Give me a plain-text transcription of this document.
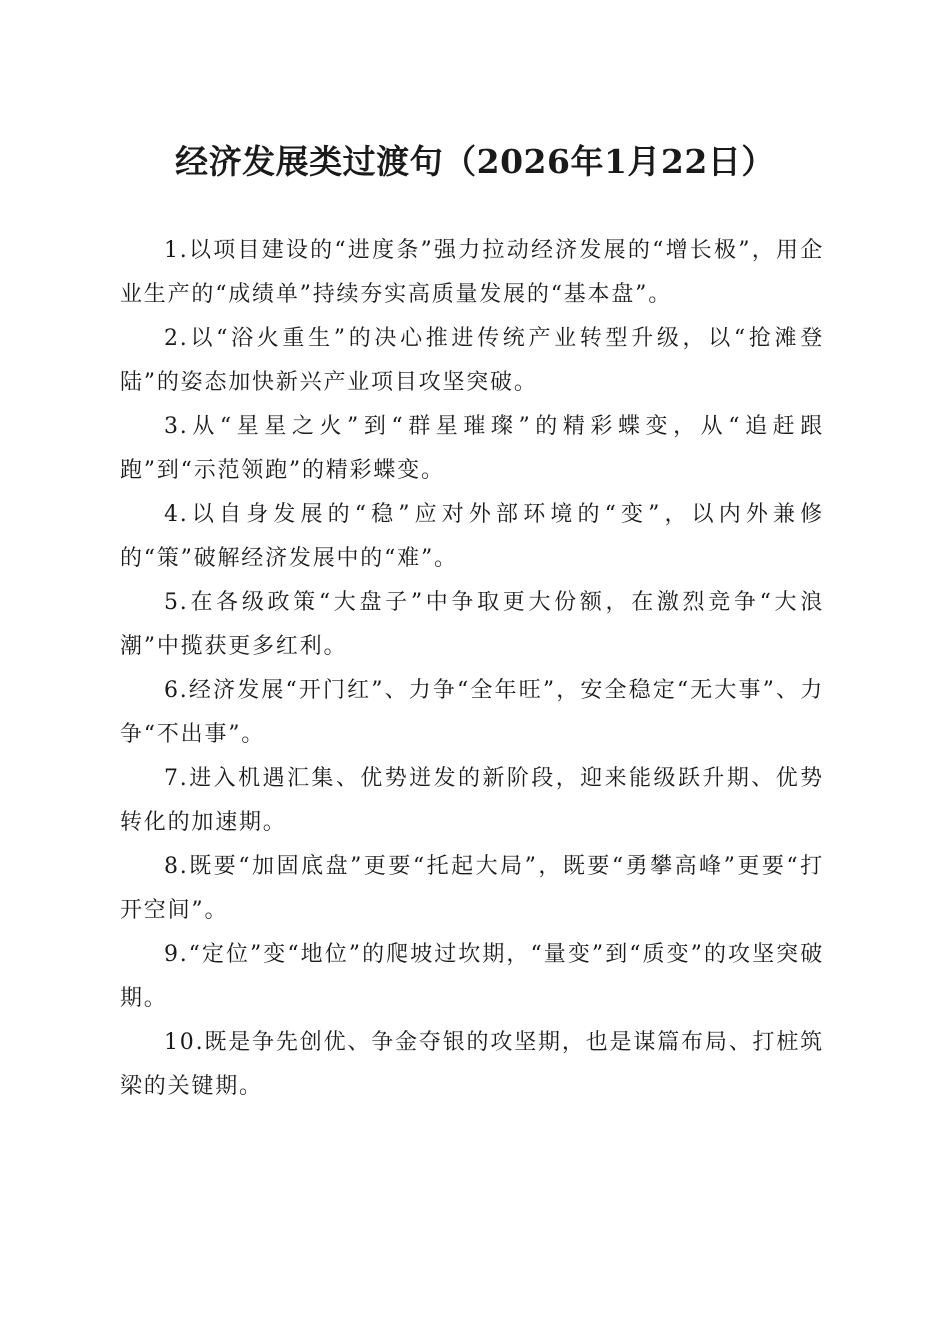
经济发展类过渡句（2026年1月22日）

1.以项目建设的“进度条”强力拉动经济发展的“增长极”，用企业生产的“成绩单”持续夯实高质量发展的“基本盘”。

2.以“浴火重生”的决心推进传统产业转型升级，以“抢滩登陆”的姿态加快新兴产业项目攻坚突破。

3.从“星星之火”到“群星璀璨”的精彩蝶变，从“追赶跟跑”到“示范领跑”的精彩蝶变。

4.以自身发展的“稳”应对外部环境的“变”，以内外兼修的“策”破解经济发展中的“难”。

5.在各级政策“大盘子”中争取更大份额，在激烈竞争“大浪潮”中揽获更多红利。

6.经济发展“开门红”、力争“全年旺”，安全稳定“无大事”、力争“不出事”。

7.进入机遇汇集、优势迸发的新阶段，迎来能级跃升期、优势转化的加速期。

8.既要“加固底盘”更要“托起大局”，既要“勇攀高峰”更要“打开空间”。

9.“定位”变“地位”的爬坡过坎期，“量变”到“质变”的攻坚突破期。

10.既是争先创优、争金夺银的攻坚期，也是谋篇布局、打桩筑梁的关键期。
